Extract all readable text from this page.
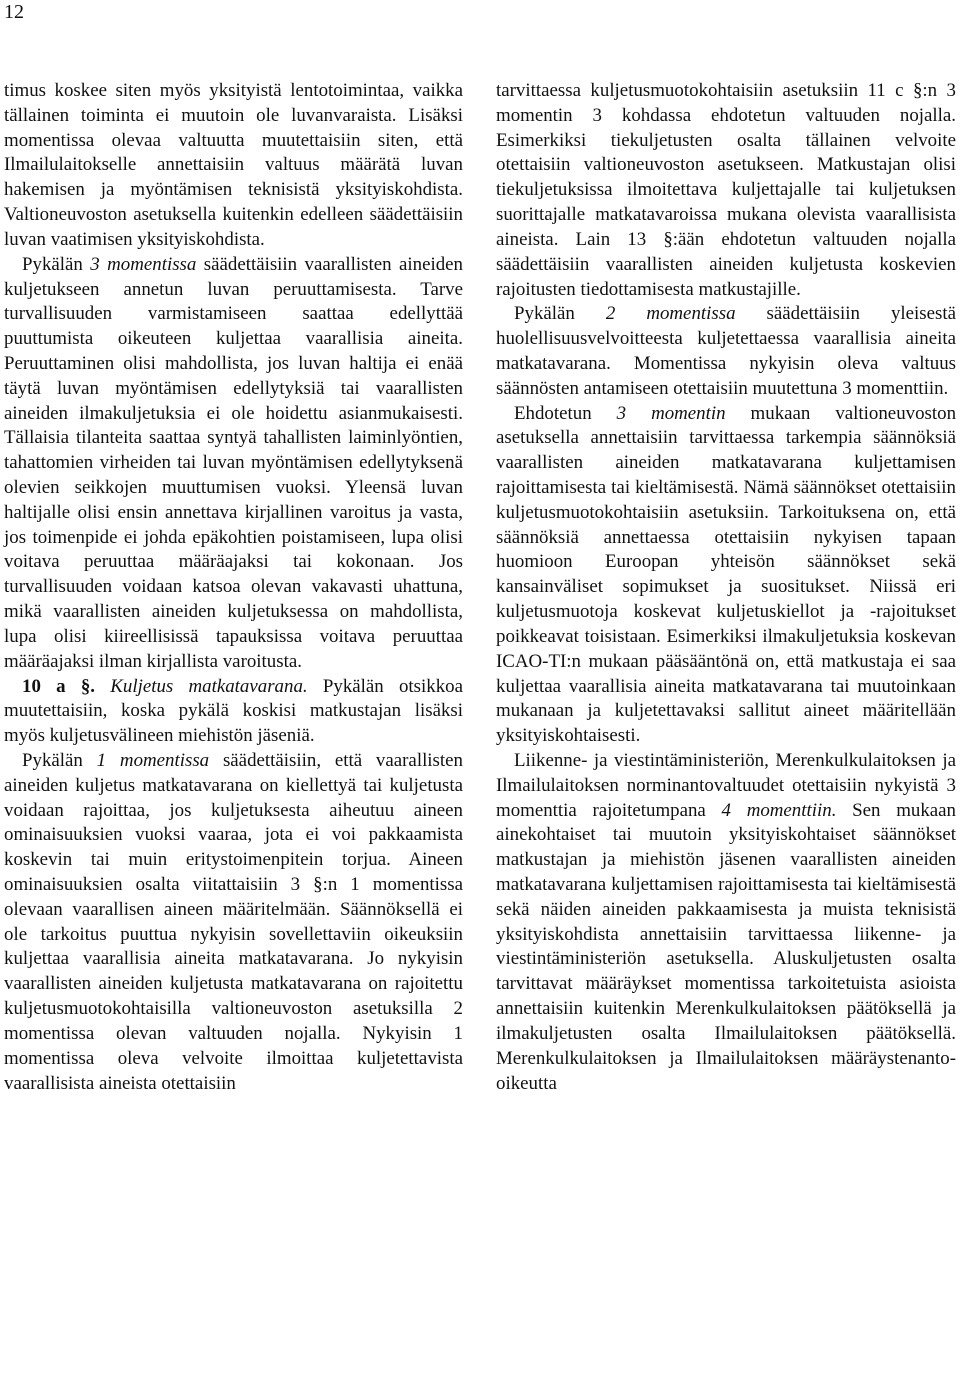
12

timus koskee siten myös yksityistä lentotoimintaa, vaikka tällainen toiminta ei muutoin ole luvanvaraista. Lisäksi momentissa olevaa valtuutta muutettaisiin siten, että Ilmailulaitokselle annettaisiin valtuus määrätä luvan hakemisen ja myöntämisen teknisistä yksityiskohdista. Valtioneuvoston asetuksella kuitenkin edelleen säädettäisiin luvan vaatimisen yksityiskohdista.

Pykälän 3 momentissa säädettäisiin vaarallisten aineiden kuljetukseen annetun luvan peruuttamisesta. Tarve turvallisuuden varmistamiseen saattaa edellyttää puuttumista oikeuteen kuljettaa vaarallisia aineita. Peruuttaminen olisi mahdollista, jos luvan haltija ei enää täytä luvan myöntämisen edellytyksiä tai vaarallisten aineiden ilmakuljetuksia ei ole hoidettu asianmukaisesti. Tällaisia tilanteita saattaa syntyä tahallisten laiminlyöntien, tahattomien virheiden tai luvan myöntämisen edellytyksenä olevien seikkojen muuttumisen vuoksi. Yleensä luvan haltijalle olisi ensin annettava kirjallinen varoitus ja vasta, jos toimenpide ei johda epäkohtien poistamiseen, lupa olisi voitava peruuttaa määräajaksi tai kokonaan. Jos turvallisuuden voidaan katsoa olevan vakavasti uhattuna, mikä vaarallisten aineiden kuljetuksessa on mahdollista, lupa olisi kiireellisissä tapauksissa voitava peruuttaa määräajaksi ilman kirjallista varoitusta.

10 a §. Kuljetus matkatavarana. Pykälän otsikkoa muutettaisiin, koska pykälä koskisi matkustajan lisäksi myös kuljetusvälineen miehistön jäseniä.

Pykälän 1 momentissa säädettäisiin, että vaarallisten aineiden kuljetus matkatavarana on kiellettyä tai kuljetusta voidaan rajoittaa, jos kuljetuksesta aiheutuu aineen ominaisuuksien vuoksi vaaraa, jota ei voi pakkaamista koskevin tai muin eritystoimenpitein torjua. Aineen ominaisuuksien osalta viitattaisiin 3 §:n 1 momentissa olevaan vaarallisen aineen määritelmään. Säännöksellä ei ole tarkoitus puuttua nykyisin sovellettaviin oikeuksiin kuljettaa vaarallisia aineita matkatavarana. Jo nykyisin vaarallisten aineiden kuljetusta matkatavarana on rajoitettu kuljetusmuotokohtaisilla valtioneuvoston asetuksilla 2 momentissa olevan valtuuden nojalla. Nykyisin 1 momentissa oleva velvoite ilmoittaa kuljetettavista vaarallisista aineista otettaisiin

tarvittaessa kuljetusmuotokohtaisiin asetuksiin 11 c §:n 3 momentin 3 kohdassa ehdotetun valtuuden nojalla. Esimerkiksi tiekuljetusten osalta tällainen velvoite otettaisiin valtioneuvoston asetukseen. Matkustajan olisi tiekuljetuksissa ilmoitettava kuljettajalle tai kuljetuksen suorittajalle matkatavaroissa mukana olevista vaarallisista aineista. Lain 13 §:ään ehdotetun valtuuden nojalla säädettäisiin vaarallisten aineiden kuljetusta koskevien rajoitusten tiedottamisesta matkustajille.

Pykälän 2 momentissa säädettäisiin yleisestä huolellisuusvelvoitteesta kuljetettaessa vaarallisia aineita matkatavarana. Momentissa nykyisin oleva valtuus säännösten antamiseen otettaisiin muutettuna 3 momenttiin.

Ehdotetun 3 momentin mukaan valtioneuvoston asetuksella annettaisiin tarvittaessa tarkempia säännöksiä vaarallisten aineiden matkatavarana kuljettamisen rajoittamisesta tai kieltämisestä. Nämä säännökset otettaisiin kuljetusmuotokohtaisiin asetuksiin. Tarkoituksena on, että säännöksiä annettaessa otettaisiin nykyisen tapaan huomioon Euroopan yhteisön säännökset sekä kansainväliset sopimukset ja suositukset. Niissä eri kuljetusmuotoja koskevat kuljetuskiellot ja -rajoitukset poikkeavat toisistaan. Esimerkiksi ilmakuljetuksia koskevan ICAO-TI:n mukaan pääsääntönä on, että matkustaja ei saa kuljettaa vaarallisia aineita matkatavarana tai muutoinkaan mukanaan ja kuljetettavaksi sallitut aineet määritellään yksityiskohtaisesti.

Liikenne- ja viestintäministeriön, Merenkulkulaitoksen ja Ilmailulaitoksen norminantovaltuudet otettaisiin nykyistä 3 momenttia rajoitetumpana 4 momenttiin. Sen mukaan ainekohtaiset tai muutoin yksityiskohtaiset säännökset matkustajan ja miehistön jäsenen vaarallisten aineiden matkatavarana kuljettamisen rajoittamisesta tai kieltämisestä sekä näiden aineiden pakkaamisesta ja muista teknisistä yksityiskohdista annettaisiin tarvittaessa liikenne- ja viestintäministeriön asetuksella. Aluskuljetusten osalta tarvittavat määräykset momentissa tarkoitetuista asioista annettaisiin kuitenkin Merenkulkulaitoksen päätöksellä ja ilmakuljetusten osalta Ilmailulaitoksen päätöksellä. Merenkulkulaitoksen ja Ilmailulaitoksen määräystenanto-oikeutta
